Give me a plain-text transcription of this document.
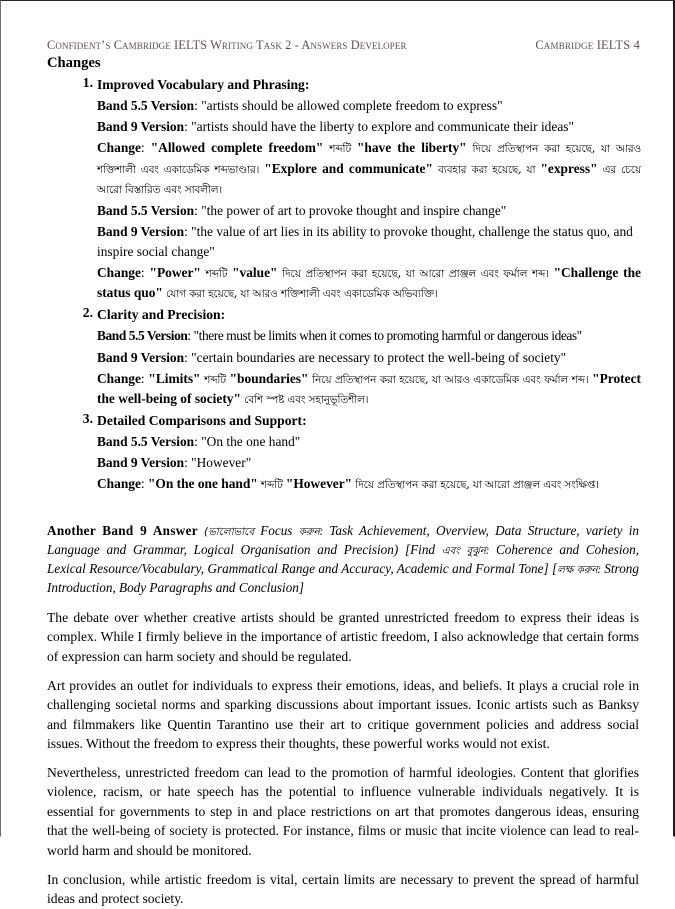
Confident’s Cambridge IELTS Writing Task 2 - Answers Developer	Cambridge IELTS 4
Changes
1. Improved Vocabulary and Phrasing:

Band 5.5 Version: "artists should be allowed complete freedom to express"

Band 9 Version: "artists should have the liberty to explore and communicate their ideas"

Change: "Allowed complete freedom" শব্দটি "have the liberty" দিয়ে প্রতিস্থাপন করা হয়েছে, যা আরও শক্তিশালী এবং একাডেমিক শব্দভাণ্ডার। "Explore and communicate" ব্যবহার করা হয়েছে, যা "express" এর চেয়ে আরো বিস্তারিত এবং সাবলীল।

Band 5.5 Version: "the power of art to provoke thought and inspire change"

Band 9 Version: "the value of art lies in its ability to provoke thought, challenge the status quo, and inspire social change"

Change: "Power" শব্দটি "value" দিয়ে প্রতিস্থাপন করা হয়েছে, যা আরো প্রাঞ্জল এবং ফর্মাল শব্দ। "Challenge the status quo" যোগ করা হয়েছে, যা আরও শক্তিশালী এবং একাডেমিক অভিব্যক্তি।

2. Clarity and Precision:

Band 5.5 Version: "there must be limits when it comes to promoting harmful or dangerous ideas"

Band 9 Version: "certain boundaries are necessary to protect the well-being of society"

Change: "Limits" শব্দটি "boundaries" নিয়ে প্রতিস্থাপন করা হয়েছে, যা আরও একাডেমিক এবং ফর্মাল শব্দ। "Protect the well-being of society" বেশি স্পষ্ট এবং সহানুভূতিশীল।

3. Detailed Comparisons and Support:

Band 5.5 Version: "On the one hand"

Band 9 Version: "However"

Change: "On the one hand" শব্দটি "However" দিয়ে প্রতিস্থাপন করা হয়েছে, যা আরো প্রাঞ্জল এবং সংক্ষিপ্ত।

Another Band 9 Answer (ভালোভাবে Focus করুন: Task Achievement, Overview, Data Structure, variety in Language and Grammar, Logical Organisation and Precision) [Find এবং বুঝুন: Coherence and Cohesion, Lexical Resource/Vocabulary, Grammatical Range and Accuracy, Academic and Formal Tone] [লক্ষ করুন: Strong Introduction, Body Paragraphs and Conclusion]

The debate over whether creative artists should be granted unrestricted freedom to express their ideas is complex. While I firmly believe in the importance of artistic freedom, I also acknowledge that certain forms of expression can harm society and should be regulated.

Art provides an outlet for individuals to express their emotions, ideas, and beliefs. It plays a crucial role in challenging societal norms and sparking discussions about important issues. Iconic artists such as Banksy and filmmakers like Quentin Tarantino use their art to critique government policies and address social issues. Without the freedom to express their thoughts, these powerful works would not exist.

Nevertheless, unrestricted freedom can lead to the promotion of harmful ideologies. Content that glorifies violence, racism, or hate speech has the potential to influence vulnerable individuals negatively. It is essential for governments to step in and place restrictions on art that promotes dangerous ideas, ensuring that the well-being of society is protected. For instance, films or music that incite violence can lead to real-world harm and should be monitored.

In conclusion, while artistic freedom is vital, certain limits are necessary to prevent the spread of harmful ideas and protect society.
